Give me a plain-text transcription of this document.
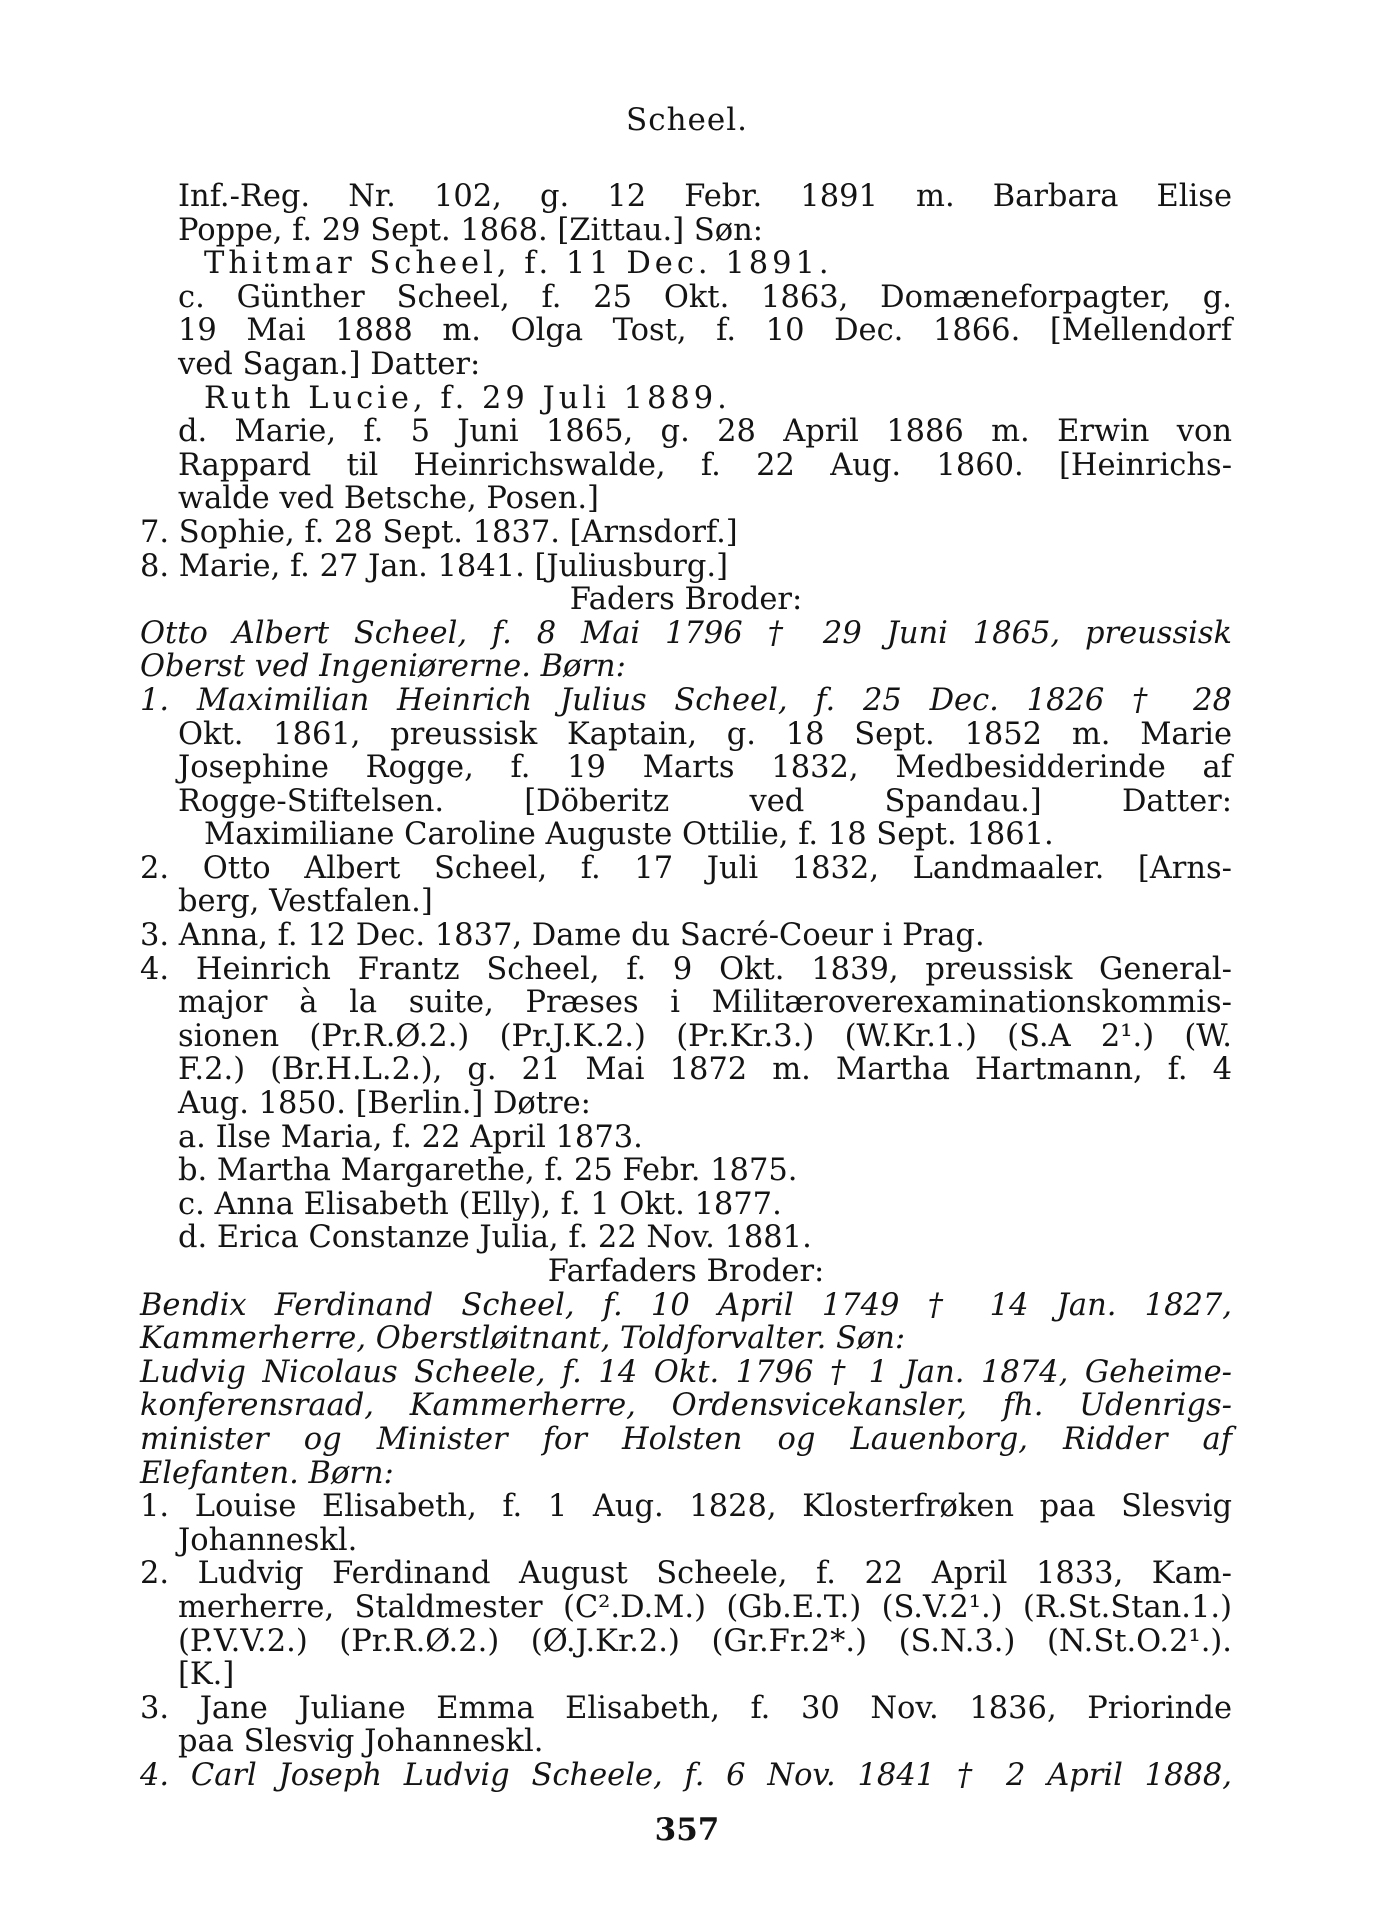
Scheel.
Inf.-Reg. Nr. 102, g. 12 Febr. 1891 m. Barbara Elise
Poppe, f. 29 Sept. 1868. [Zittau.] Søn:
Thitmar Scheel, f. 11 Dec. 1891.
c. Günther Scheel, f. 25 Okt. 1863, Domæneforpagter, g.
19 Mai 1888 m. Olga Tost, f. 10 Dec. 1866. [Mellendorf
ved Sagan.] Datter:
Ruth Lucie, f. 29 Juli 1889.
d. Marie, f. 5 Juni 1865, g. 28 April 1886 m. Erwin von
Rappard til Heinrichswalde, f. 22 Aug. 1860. [Heinrichs-
walde ved Betsche, Posen.]
7. Sophie, f. 28 Sept. 1837. [Arnsdorf.]
8. Marie, f. 27 Jan. 1841. [Juliusburg.]
Faders Broder:
Otto Albert Scheel, f. 8 Mai 1796 † 29 Juni 1865, preussisk
Oberst ved Ingeniørerne. Børn:
1. Maximilian Heinrich Julius Scheel, f. 25 Dec. 1826 † 28
Okt. 1861, preussisk Kaptain, g. 18 Sept. 1852 m. Marie
Josephine Rogge, f. 19 Marts 1832, Medbesidderinde af
Rogge-Stiftelsen. [Döberitz ved Spandau.] Datter:
Maximiliane Caroline Auguste Ottilie, f. 18 Sept. 1861.
2. Otto Albert Scheel, f. 17 Juli 1832, Landmaaler. [Arns-
berg, Vestfalen.]
3. Anna, f. 12 Dec. 1837, Dame du Sacré-Coeur i Prag.
4. Heinrich Frantz Scheel, f. 9 Okt. 1839, preussisk General-
major à la suite, Præses i Militæroverexaminationskommis-
sionen (Pr.R.Ø.2.) (Pr.J.K.2.) (Pr.Kr.3.) (W.Kr.1.) (S.A 2¹.) (W.
F.2.) (Br.H.L.2.), g. 21 Mai 1872 m. Martha Hartmann, f. 4
Aug. 1850. [Berlin.] Døtre:
a. Ilse Maria, f. 22 April 1873.
b. Martha Margarethe, f. 25 Febr. 1875.
c. Anna Elisabeth (Elly), f. 1 Okt. 1877.
d. Erica Constanze Julia, f. 22 Nov. 1881.
Farfaders Broder:
Bendix Ferdinand Scheel, f. 10 April 1749 † 14 Jan. 1827,
Kammerherre, Oberstløitnant, Toldforvalter. Søn:
Ludvig Nicolaus Scheele, f. 14 Okt. 1796 † 1 Jan. 1874, Geheime-
konferensraad, Kammerherre, Ordensvicekansler, fh. Udenrigs-
minister og Minister for Holsten og Lauenborg, Ridder af
Elefanten. Børn:
1. Louise Elisabeth, f. 1 Aug. 1828, Klosterfrøken paa Slesvig
Johanneskl.
2. Ludvig Ferdinand August Scheele, f. 22 April 1833, Kam-
merherre, Staldmester (C².D.M.) (Gb.E.T.) (S.V.2¹.) (R.St.Stan.1.)
(P.V.V.2.) (Pr.R.Ø.2.) (Ø.J.Kr.2.) (Gr.Fr.2*.) (S.N.3.) (N.St.O.2¹.).
[K.]
3. Jane Juliane Emma Elisabeth, f. 30 Nov. 1836, Priorinde
paa Slesvig Johanneskl.
4. Carl Joseph Ludvig Scheele, f. 6 Nov. 1841 † 2 April 1888,
357
